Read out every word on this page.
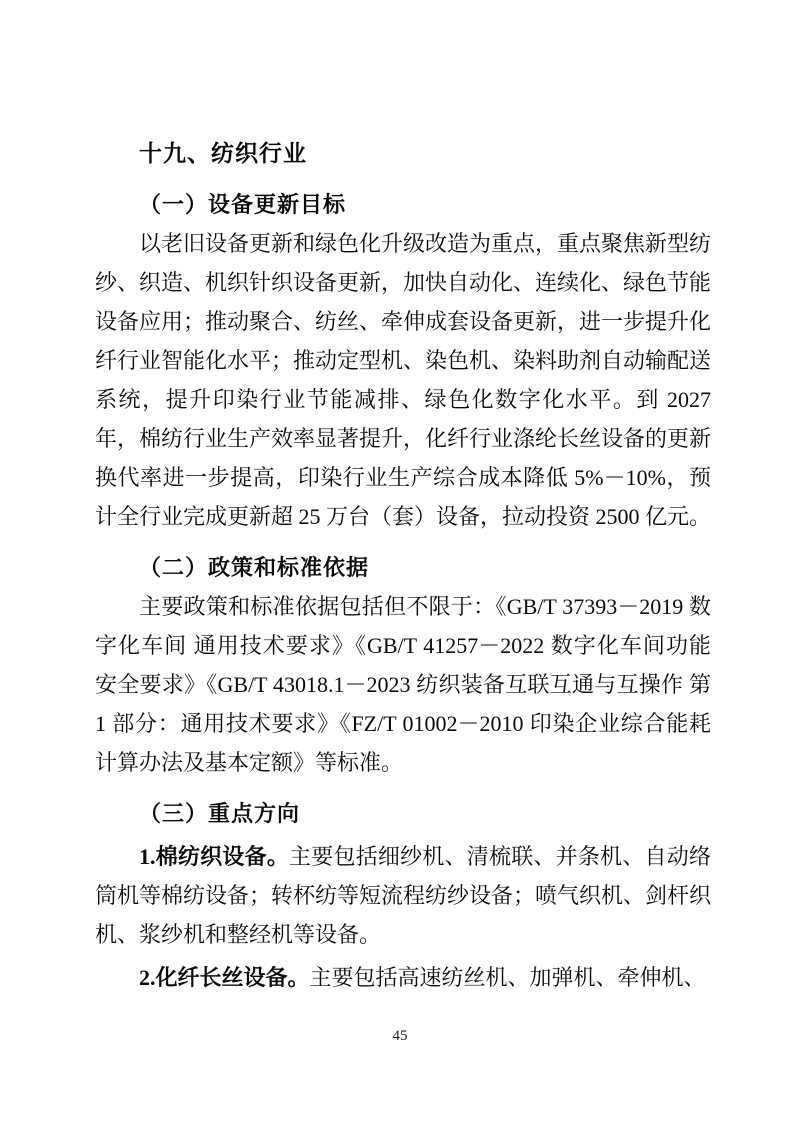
十九、纺织行业
（一）设备更新目标

以老旧设备更新和绿色化升级改造为重点，重点聚焦新型纺纱、织造、机织针织设备更新，加快自动化、连续化、绿色节能设备应用；推动聚合、纺丝、牵伸成套设备更新，进一步提升化纤行业智能化水平；推动定型机、染色机、染料助剂自动输配送系统，提升印染行业节能减排、绿色化数字化水平。到 2027 年，棉纺行业生产效率显著提升，化纤行业涤纶长丝设备的更新换代率进一步提高，印染行业生产综合成本降低 5%－10%，预计全行业完成更新超 25 万台（套）设备，拉动投资 2500 亿元。

（二）政策和标准依据

主要政策和标准依据包括但不限于：《GB/T 37393－2019 数字化车间 通用技术要求》《GB/T 41257－2022 数字化车间功能安全要求》《GB/T 43018.1－2023 纺织装备互联互通与互操作 第 1 部分：通用技术要求》《FZ/T 01002－2010 印染企业综合能耗计算办法及基本定额》等标准。

（三）重点方向

1.棉纺织设备。主要包括细纱机、清梳联、并条机、自动络筒机等棉纺设备；转杯纺等短流程纺纱设备；喷气织机、剑杆织机、浆纱机和整经机等设备。

2.化纤长丝设备。主要包括高速纺丝机、加弹机、牵伸机、

45
